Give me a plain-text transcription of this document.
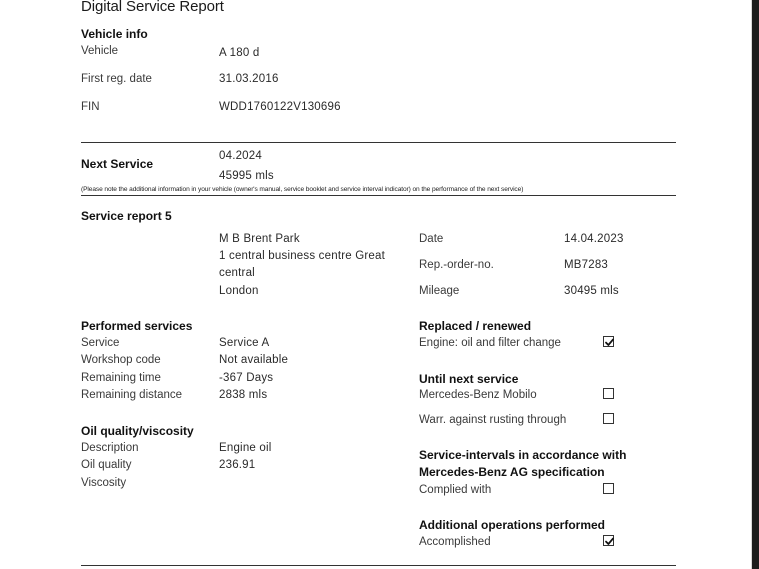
Digital Service Report
Vehicle info
Vehicle	A 180 d
First reg. date	31.03.2016
FIN	WDD1760122V130696
Next Service
04.2024
45995 mls
(Please note the additional information in your vehicle (owner's manual, service booklet and service interval indicator) on the performance of the next service)
Service report 5
M B Brent Park
1 central business centre Great central
London
Date	14.04.2023
Rep.-order-no.	MB7283
Mileage	30495 mls
Performed services
Service	Service A
Workshop code	Not available
Remaining time	-367 Days
Remaining distance	2838 mls
Oil quality/viscosity
Description	Engine oil
Oil quality	236.91
Viscosity
Replaced / renewed
Engine: oil and filter change
Until next service
Mercedes-Benz Mobilo
Warr. against rusting through
Service-intervals in accordance with Mercedes-Benz AG specification
Complied with
Additional operations performed
Accomplished
